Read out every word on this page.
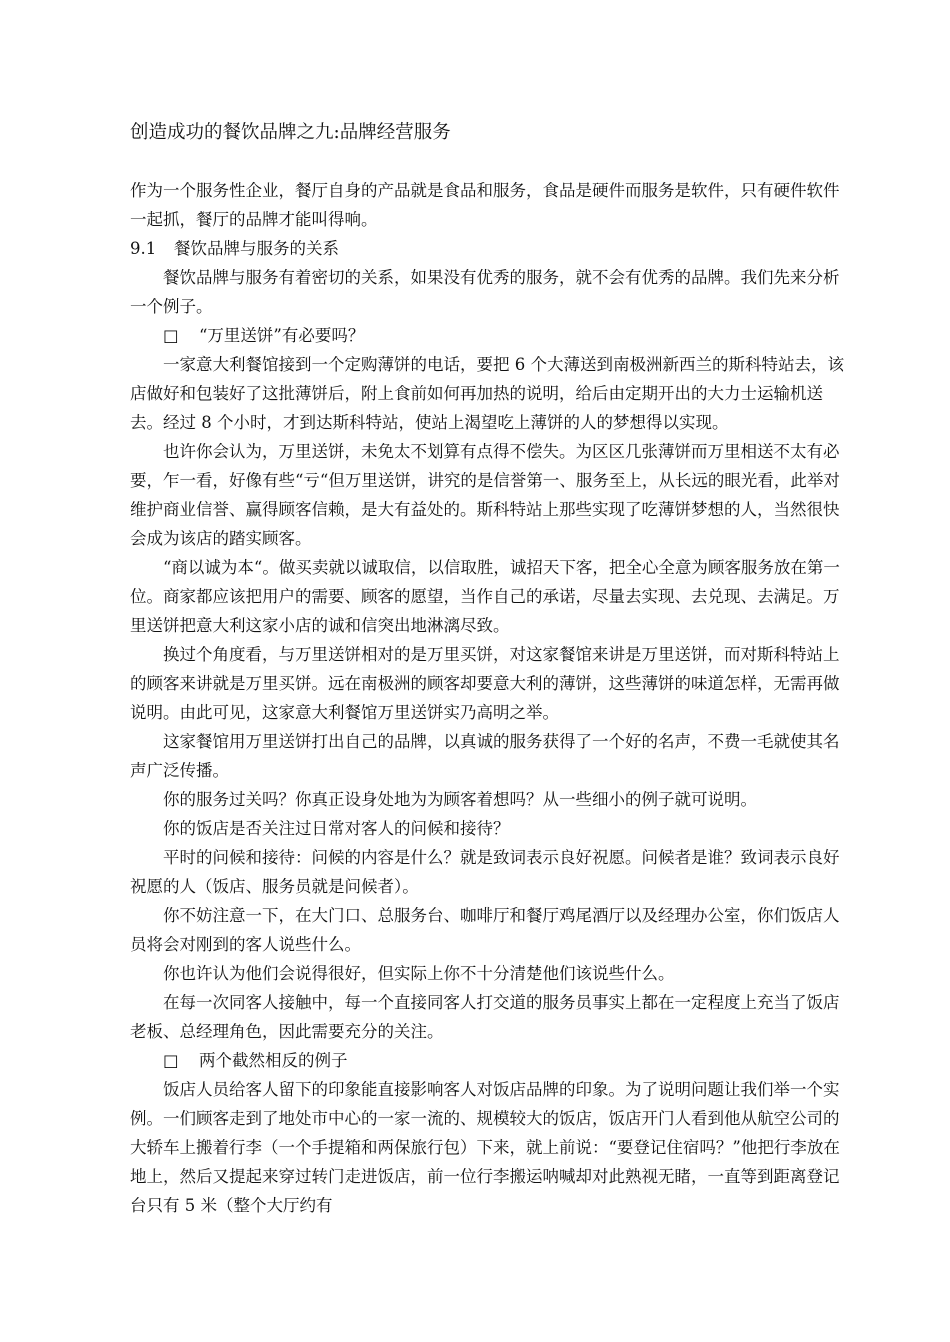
创造成功的餐饮品牌之九:品牌经营服务

作为一个服务性企业，餐厅自身的产品就是食品和服务，食品是硬件而服务是软件，只有硬件软件一起抓，餐厅的品牌才能叫得响。

9.1 餐饮品牌与服务的关系

餐饮品牌与服务有着密切的关系，如果没有优秀的服务，就不会有优秀的品牌。我们先来分析一个例子。

□ “万里送饼”有必要吗？

一家意大利餐馆接到一个定购薄饼的电话，要把 6 个大薄送到南极洲新西兰的斯科特站去，该店做好和包装好了这批薄饼后，附上食前如何再加热的说明，给后由定期开出的大力士运输机送去。经过 8 个小时，才到达斯科特站，使站上渴望吃上薄饼的人的梦想得以实现。

也许你会认为，万里送饼，未免太不划算有点得不偿失。为区区几张薄饼而万里相送不太有必要，乍一看，好像有些“亏“但万里送饼，讲究的是信誉第一、服务至上，从长远的眼光看，此举对维护商业信誉、赢得顾客信赖，是大有益处的。斯科特站上那些实现了吃薄饼梦想的人，当然很快会成为该店的踏实顾客。

“商以诚为本“。做买卖就以诚取信，以信取胜，诚招天下客，把全心全意为顾客服务放在第一位。商家都应该把用户的需要、顾客的愿望，当作自己的承诺，尽量去实现、去兑现、去满足。万里送饼把意大利这家小店的诚和信突出地淋漓尽致。

换过个角度看，与万里送饼相对的是万里买饼，对这家餐馆来讲是万里送饼，而对斯科特站上的顾客来讲就是万里买饼。远在南极洲的顾客却要意大利的薄饼，这些薄饼的味道怎样，无需再做说明。由此可见，这家意大利餐馆万里送饼实乃高明之举。

这家餐馆用万里送饼打出自己的品牌，以真诚的服务获得了一个好的名声，不费一毛就使其名声广泛传播。

你的服务过关吗？你真正设身处地为为顾客着想吗？从一些细小的例子就可说明。

你的饭店是否关注过日常对客人的问候和接待？

平时的问候和接待：问候的内容是什么？就是致词表示良好祝愿。问候者是谁？致词表示良好祝愿的人（饭店、服务员就是问候者）。

你不妨注意一下，在大门口、总服务台、咖啡厅和餐厅鸡尾酒厅以及经理办公室，你们饭店人员将会对刚到的客人说些什么。

你也许认为他们会说得很好，但实际上你不十分清楚他们该说些什么。

在每一次同客人接触中，每一个直接同客人打交道的服务员事实上都在一定程度上充当了饭店老板、总经理角色，因此需要充分的关注。

□ 两个截然相反的例子

饭店人员给客人留下的印象能直接影响客人对饭店品牌的印象。为了说明问题让我们举一个实例。一们顾客走到了地处市中心的一家一流的、规模较大的饭店，饭店开门人看到他从航空公司的大轿车上搬着行李（一个手提箱和两保旅行包）下来，就上前说：“要登记住宿吗？”他把行李放在地上，然后又提起来穿过转门走进饭店，前一位行李搬运呐喊却对此熟视无睹，一直等到距离登记台只有 5 米（整个大厅约有
